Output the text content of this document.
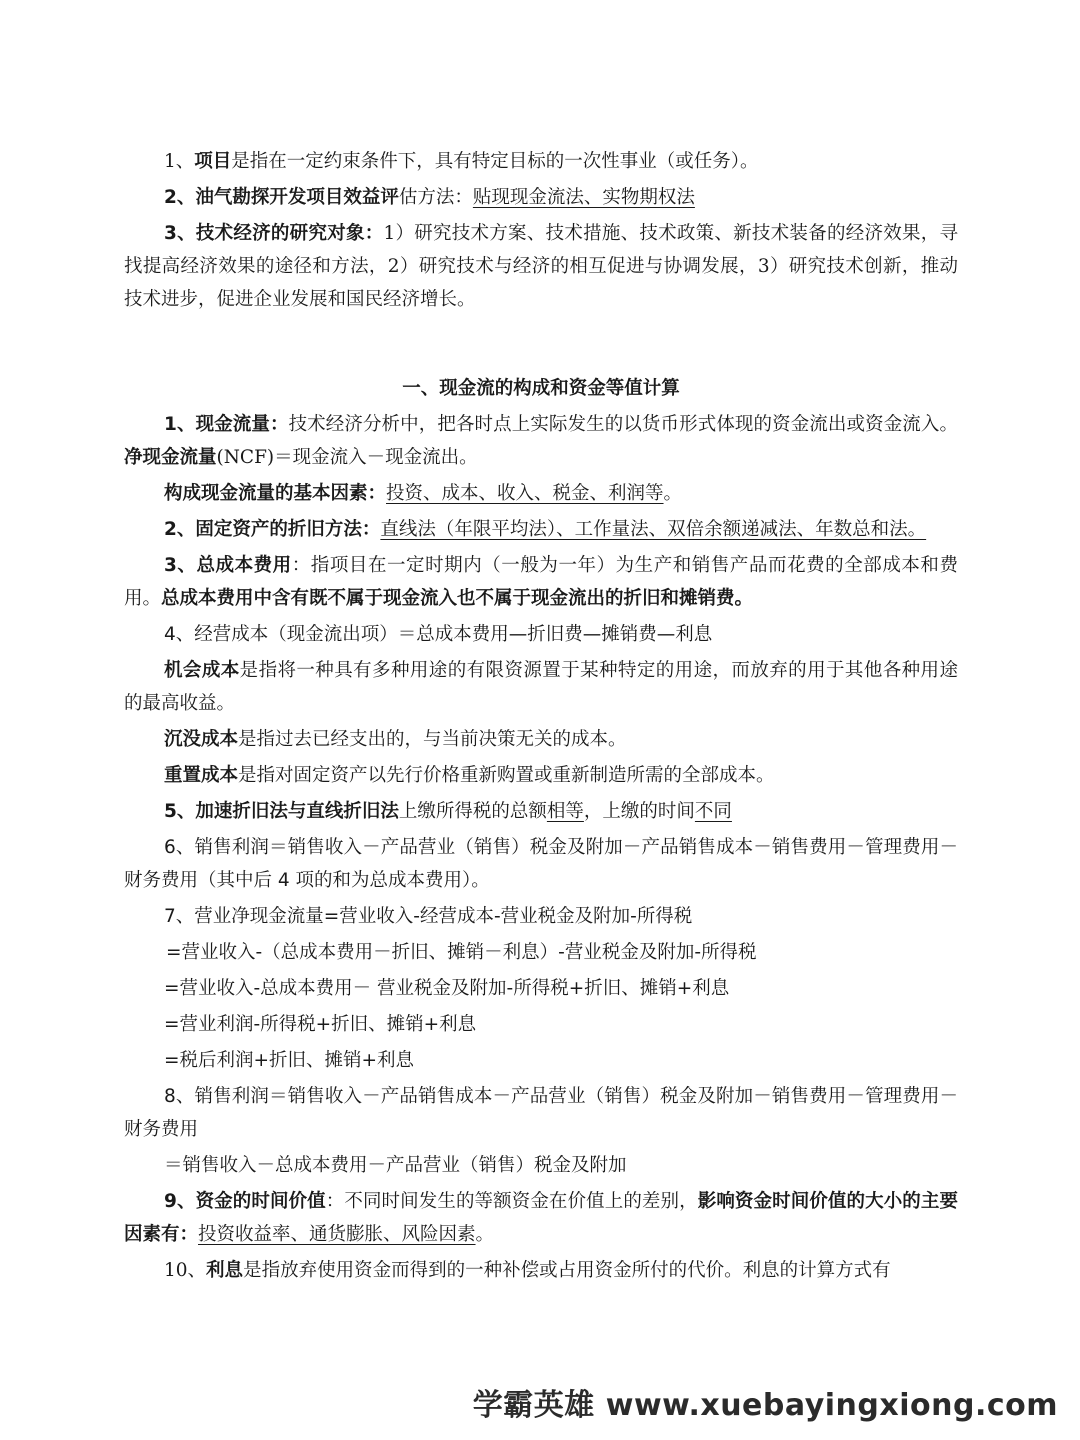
1、项目是指在一定约束条件下，具有特定目标的一次性事业（或任务）。

2、油气勘探开发项目效益评估方法：贴现现金流法、实物期权法

3、技术经济的研究对象：1）研究技术方案、技术措施、技术政策、新技术装备的经济效果，寻找提高经济效果的途径和方法，2）研究技术与经济的相互促进与协调发展，3）研究技术创新，推动技术进步，促进企业发展和国民经济增长。

一、现金流的构成和资金等值计算

1、现金流量：技术经济分析中，把各时点上实际发生的以货币形式体现的资金流出或资金流入。净现金流量(NCF)＝现金流入－现金流出。

构成现金流量的基本因素：投资、成本、收入、税金、利润等。

2、固定资产的折旧方法：直线法（年限平均法）、工作量法、双倍余额递减法、年数总和法。

3、总成本费用：指项目在一定时期内（一般为一年）为生产和销售产品而花费的全部成本和费用。总成本费用中含有既不属于现金流入也不属于现金流出的折旧和摊销费。

4、经营成本（现金流出项）＝总成本费用—折旧费—摊销费—利息

机会成本是指将一种具有多种用途的有限资源置于某种特定的用途，而放弃的用于其他各种用途的最高收益。

沉没成本是指过去已经支出的，与当前决策无关的成本。

重置成本是指对固定资产以先行价格重新购置或重新制造所需的全部成本。

5、加速折旧法与直线折旧法上缴所得税的总额相等，上缴的时间不同

6、销售利润＝销售收入－产品营业（销售）税金及附加－产品销售成本－销售费用－管理费用－财务费用（其中后 4 项的和为总成本费用）。

7、营业净现金流量=营业收入-经营成本-营业税金及附加-所得税

=营业收入-（总成本费用－折旧、摊销－利息）-营业税金及附加-所得税

=营业收入-总成本费用－ 营业税金及附加-所得税+折旧、摊销+利息

=营业利润-所得税+折旧、摊销+利息

=税后利润+折旧、摊销+利息

8、销售利润＝销售收入－产品销售成本－产品营业（销售）税金及附加－销售费用－管理费用－财务费用

＝销售收入－总成本费用－产品营业（销售）税金及附加

9、资金的时间价值：不同时间发生的等额资金在价值上的差别，影响资金时间价值的大小的主要因素有：投资收益率、通货膨胀、风险因素。

10、利息是指放弃使用资金而得到的一种补偿或占用资金所付的代价。利息的计算方式有

学霸英雄 www.xuebayingxiong.com
